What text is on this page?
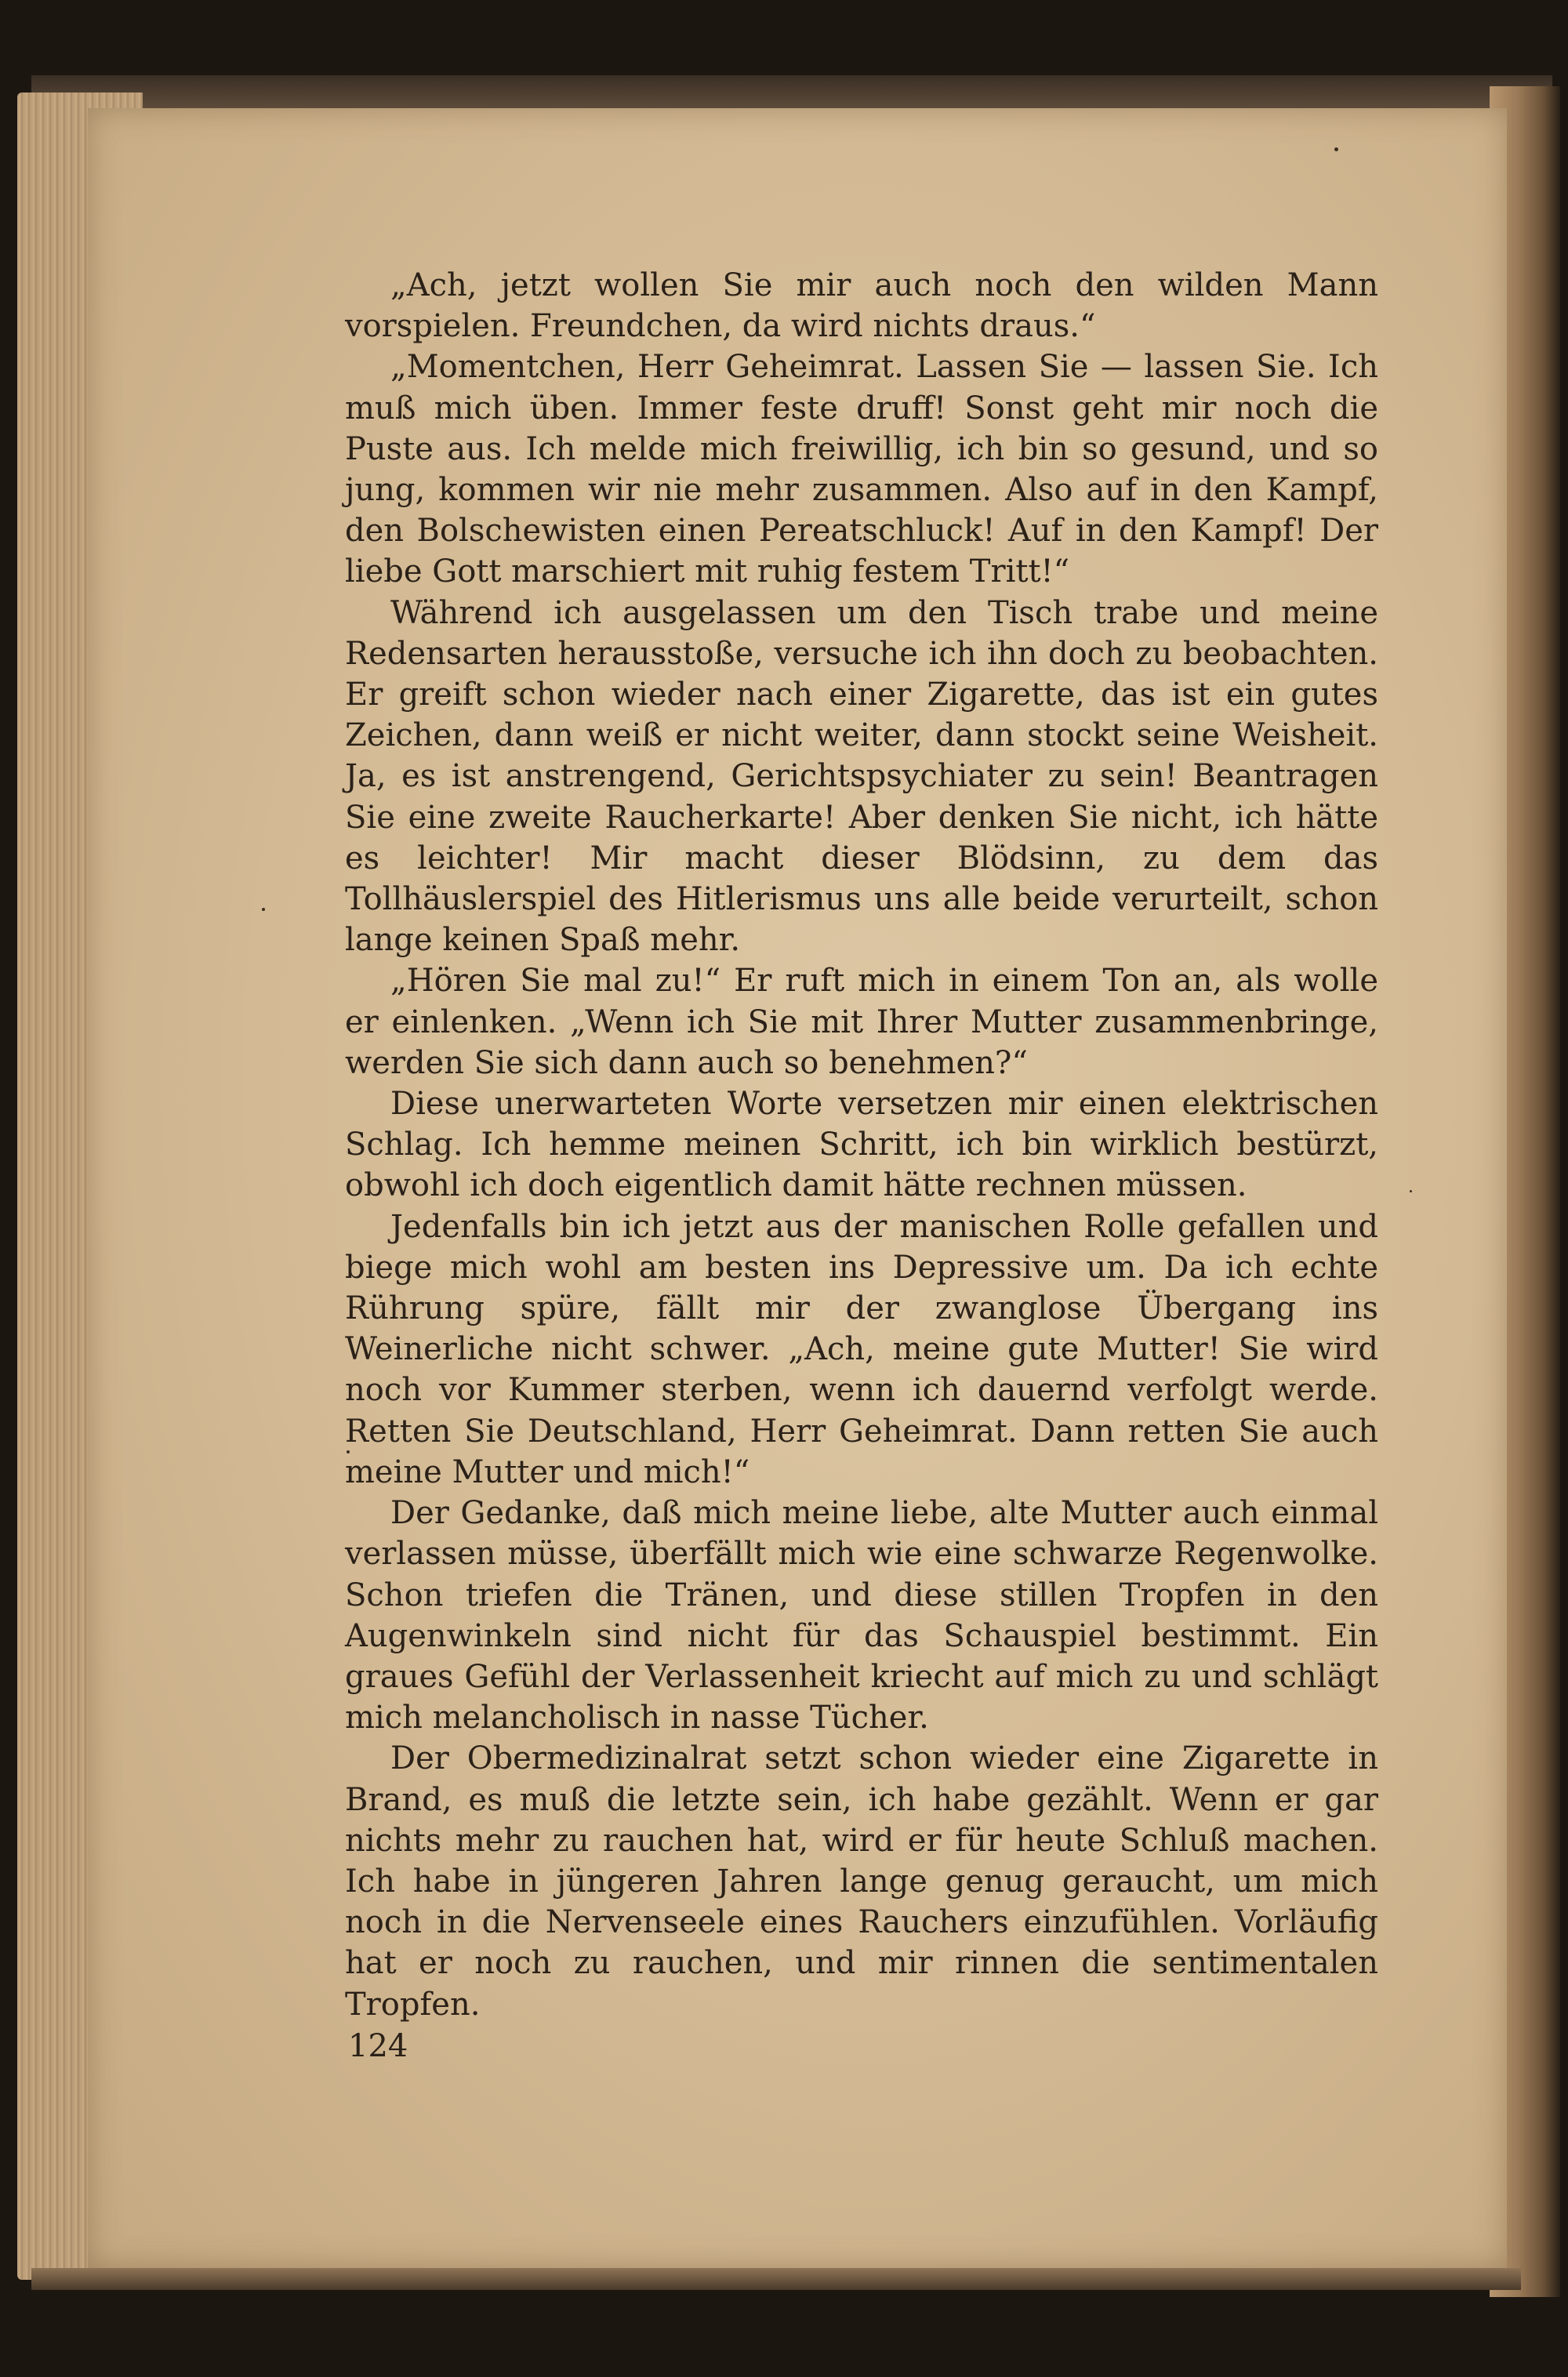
„Ach, jetzt wollen Sie mir auch noch den wilden Mann vorspielen. Freundchen, da wird nichts draus.“

„Momentchen, Herr Geheimrat. Lassen Sie — lassen Sie. Ich muß mich üben. Immer feste druff! Sonst geht mir noch die Puste aus. Ich melde mich freiwillig, ich bin so gesund, und so jung, kommen wir nie mehr zusammen. Also auf in den Kampf, den Bolschewisten einen Pereatschluck! Auf in den Kampf! Der liebe Gott marschiert mit ruhig festem Tritt!“

Während ich ausgelassen um den Tisch trabe und meine Redensarten herausstoße, versuche ich ihn doch zu beobachten. Er greift schon wieder nach einer Zigarette, das ist ein gutes Zeichen, dann weiß er nicht weiter, dann stockt seine Weisheit. Ja, es ist anstrengend, Gerichtspsychiater zu sein! Beantragen Sie eine zweite Raucherkarte! Aber denken Sie nicht, ich hätte es leichter! Mir macht dieser Blödsinn, zu dem das Tollhäuslerspiel des Hitlerismus uns alle beide verurteilt, schon lange keinen Spaß mehr.

„Hören Sie mal zu!“ Er ruft mich in einem Ton an, als wolle er einlenken. „Wenn ich Sie mit Ihrer Mutter zusammenbringe, werden Sie sich dann auch so benehmen?“

Diese unerwarteten Worte versetzen mir einen elektrischen Schlag. Ich hemme meinen Schritt, ich bin wirklich bestürzt, obwohl ich doch eigentlich damit hätte rechnen müssen.

Jedenfalls bin ich jetzt aus der manischen Rolle gefallen und biege mich wohl am besten ins Depressive um. Da ich echte Rührung spüre, fällt mir der zwanglose Übergang ins Weinerliche nicht schwer. „Ach, meine gute Mutter! Sie wird noch vor Kummer sterben, wenn ich dauernd verfolgt werde. Retten Sie Deutschland, Herr Geheimrat. Dann retten Sie auch meine Mutter und mich!“

Der Gedanke, daß mich meine liebe, alte Mutter auch einmal verlassen müsse, überfällt mich wie eine schwarze Regenwolke. Schon triefen die Tränen, und diese stillen Tropfen in den Augenwinkeln sind nicht für das Schauspiel bestimmt. Ein graues Gefühl der Verlassenheit kriecht auf mich zu und schlägt mich melancholisch in nasse Tücher.

Der Obermedizinalrat setzt schon wieder eine Zigarette in Brand, es muß die letzte sein, ich habe gezählt. Wenn er gar nichts mehr zu rauchen hat, wird er für heute Schluß machen. Ich habe in jüngeren Jahren lange genug geraucht, um mich noch in die Nervenseele eines Rauchers einzufühlen. Vorläufig hat er noch zu rauchen, und mir rinnen die sentimentalen Tropfen.

124
